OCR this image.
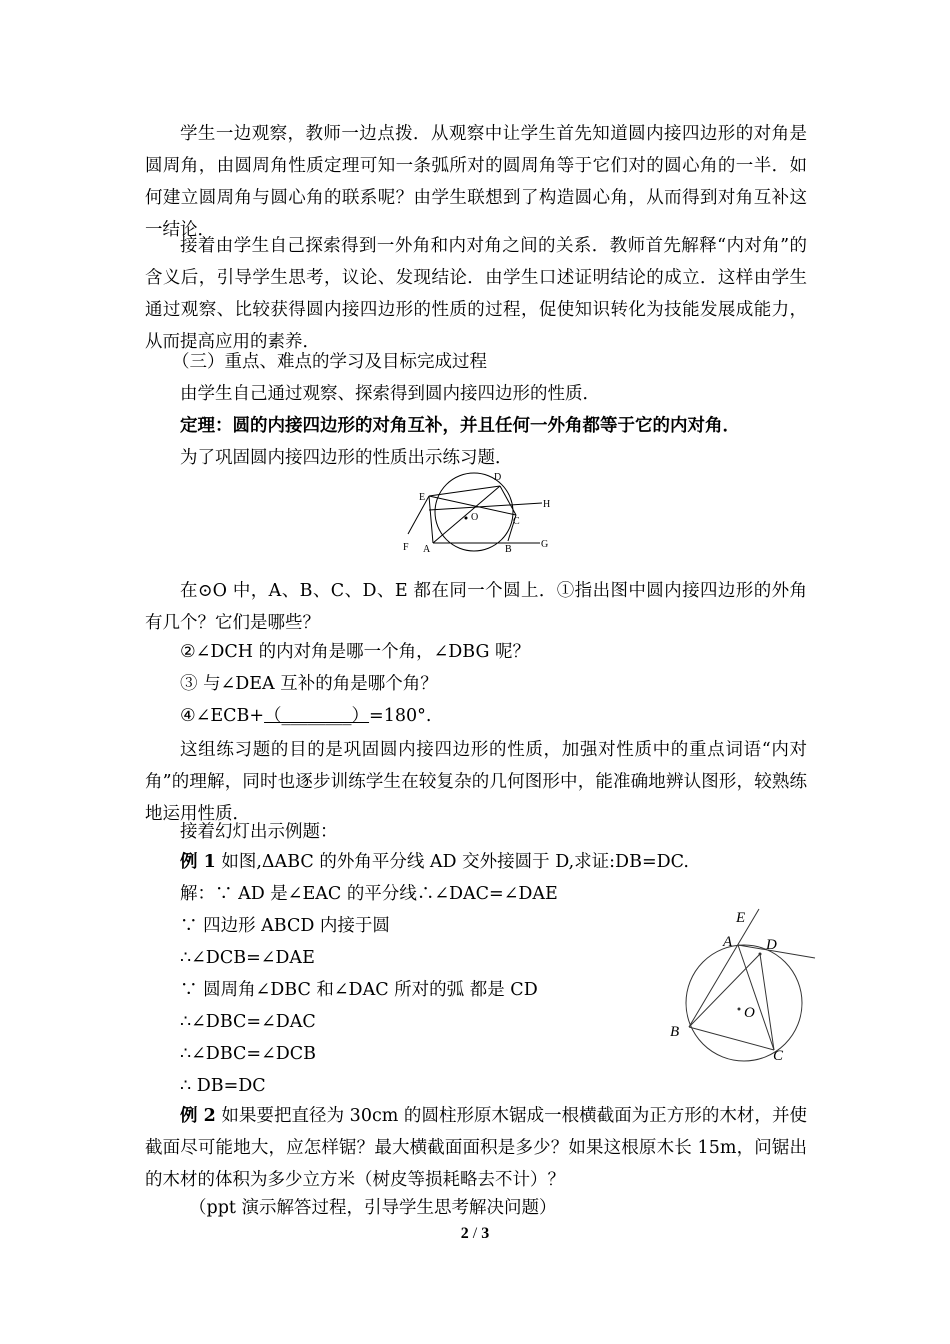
学生一边观察，教师一边点拨．从观察中让学生首先知道圆内接四边形的对角是圆周角，由圆周角性质定理可知一条弧所对的圆周角等于它们对的圆心角的一半．如何建立圆周角与圆心角的联系呢？由学生联想到了构造圆心角，从而得到对角互补这一结论．
接着由学生自己探索得到一外角和内对角之间的关系．教师首先解释“内对角”的含义后，引导学生思考，议论、发现结论．由学生口述证明结论的成立．这样由学生通过观察、比较获得圆内接四边形的性质的过程，促使知识转化为技能发展成能力，从而提高应用的素养．
（三）重点、难点的学习及目标完成过程
由学生自己通过观察、探索得到圆内接四边形的性质．
定理：圆的内接四边形的对角互补，并且任何一外角都等于它的内对角．
为了巩固圆内接四边形的性质出示练习题．
D
E
H
O	C
F A	B	G
在⊙O 中，A、B、C、D、E 都在同一个圆上．①指出图中圆内接四边形的外角有几个？它们是哪些？
②∠DCH 的内对角是哪一个角，∠DBG 呢？
③ 与∠DEA 互补的角是哪个角？
④∠ECB+（________）=180°.
这组练习题的目的是巩固圆内接四边形的性质，加强对性质中的重点词语“内对角”的理解，同时也逐步训练学生在较复杂的几何图形中，能准确地辨认图形，较熟练地运用性质．
接着幻灯出示例题：
例 1 如图,ΔABC 的外角平分线 AD 交外接圆于 D,求证:DB=DC.
解：∵ AD 是∠EAC 的平分线∴∠DAC=∠DAE
∵ 四边形 ABCD 内接于圆
∴∠DCB=∠DAE
∵ 圆周角∠DBC 和∠DAC 所对的弧 都是 CD
∴∠DBC=∠DAC
∴∠DBC=∠DCB
∴ DB=DC
E
A D
O
B
C
例 2 如果要把直径为 30cm 的圆柱形原木锯成一根横截面为正方形的木材，并使截面尽可能地大，应怎样锯？最大横截面面积是多少？如果这根原木长 15m，问锯出的木材的体积为多少立方米（树皮等损耗略去不计）？
（ppt 演示解答过程，引导学生思考解决问题）
2 / 3
